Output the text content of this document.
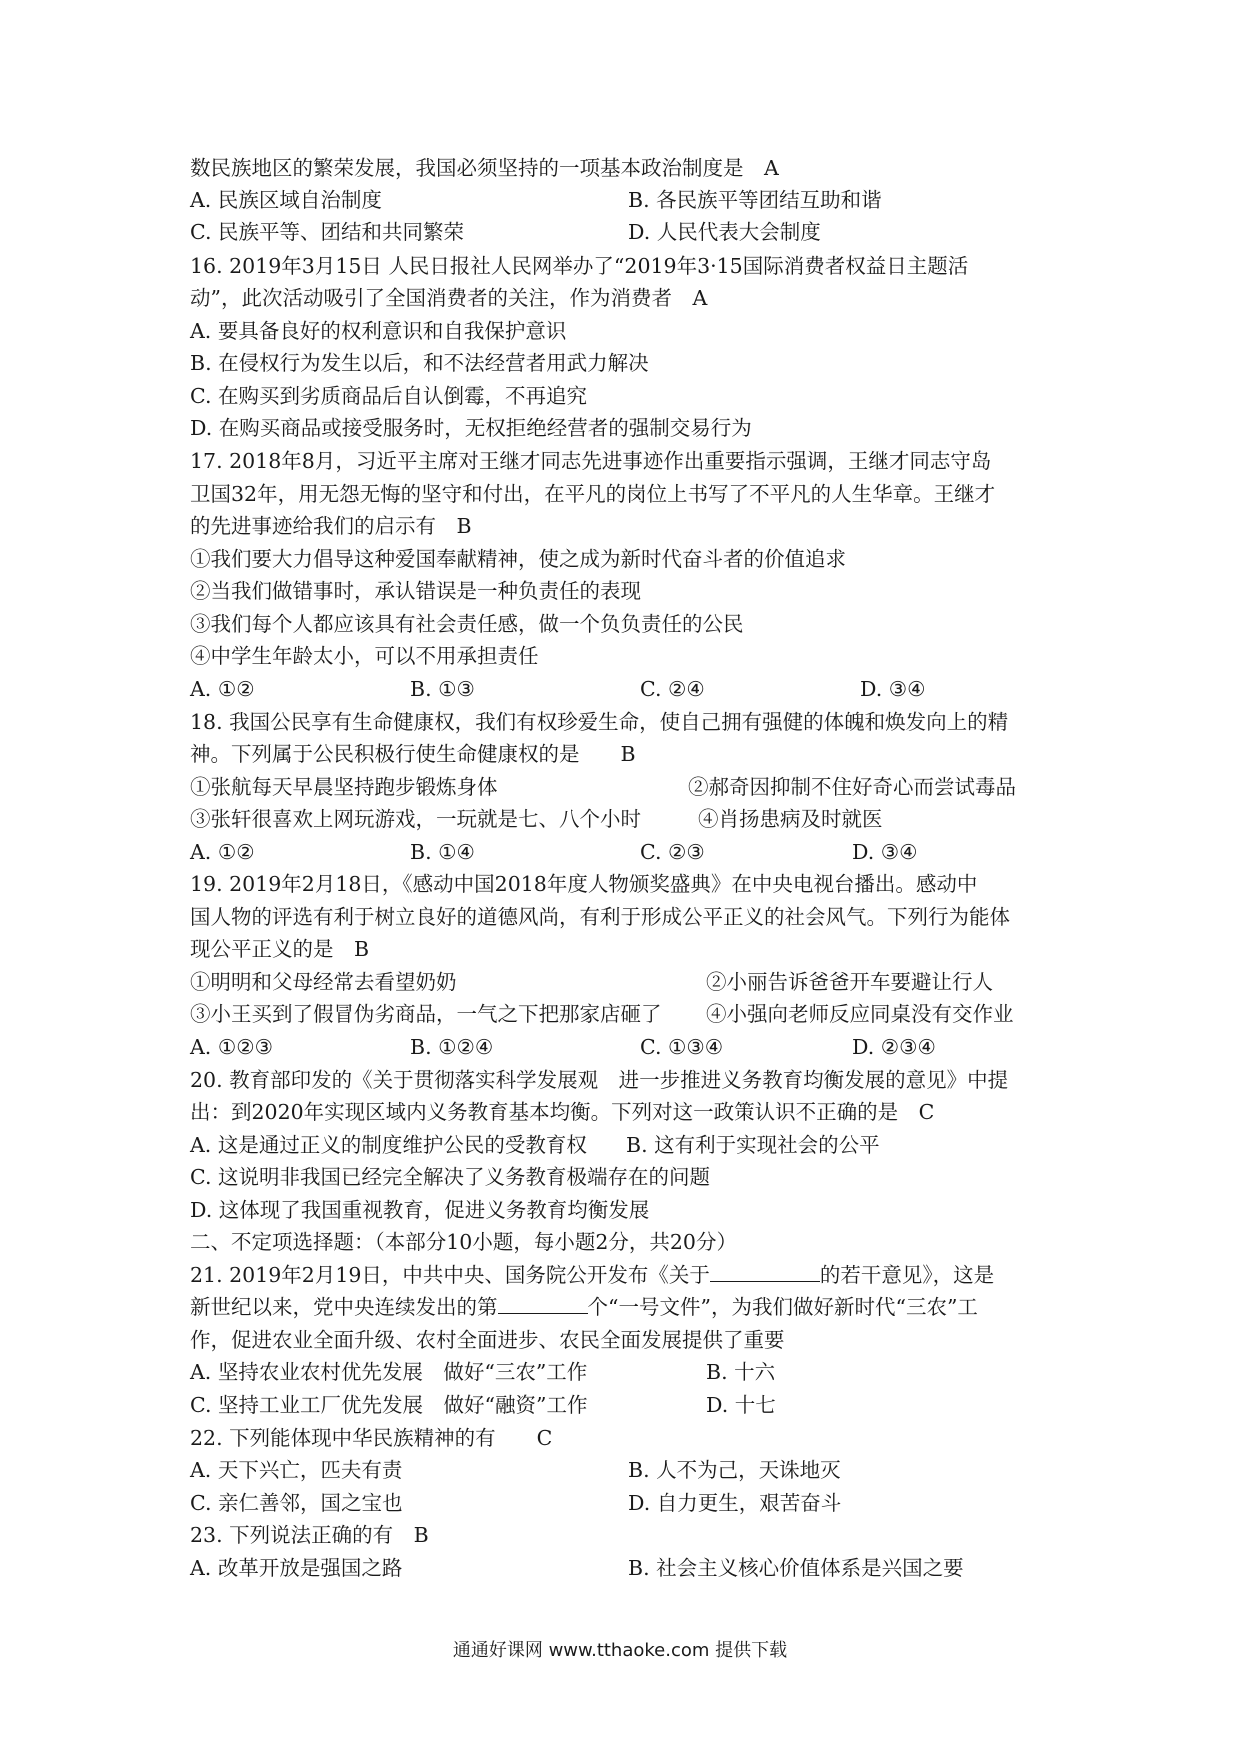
数民族地区的繁荣发展，我国必须坚持的一项基本政治制度是　A
A. 民族区域自治制度	B. 各民族平等团结互助和谐
C. 民族平等、团结和共同繁荣	D. 人民代表大会制度
16. 2019年3月15日 人民日报社人民网举办了“2019年3·15国际消费者权益日主题活
动”，此次活动吸引了全国消费者的关注，作为消费者　A
A. 要具备良好的权利意识和自我保护意识
B. 在侵权行为发生以后，和不法经营者用武力解决
C. 在购买到劣质商品后自认倒霉，不再追究
D. 在购买商品或接受服务时，无权拒绝经营者的强制交易行为
17. 2018年8月，习近平主席对王继才同志先进事迹作出重要指示强调，王继才同志守岛
卫国32年，用无怨无悔的坚守和付出，在平凡的岗位上书写了不平凡的人生华章。王继才
的先进事迹给我们的启示有　B
①我们要大力倡导这种爱国奉献精神，使之成为新时代奋斗者的价值追求
②当我们做错事时，承认错误是一种负责任的表现
③我们每个人都应该具有社会责任感，做一个负负责任的公民
④中学生年龄太小，可以不用承担责任
A. ①②	B. ①③	C. ②④	D. ③④
18. 我国公民享有生命健康权，我们有权珍爱生命，使自己拥有强健的体魄和焕发向上的精
神。下列属于公民积极行使生命健康权的是　　B
①张航每天早晨坚持跑步锻炼身体	②郝奇因抑制不住好奇心而尝试毒品
③张轩很喜欢上网玩游戏，一玩就是七、八个小时	④肖扬患病及时就医
A. ①②	B. ①④	C. ②③	D. ③④
19. 2019年2月18日，《感动中国2018年度人物颁奖盛典》在中央电视台播出。感动中
国人物的评选有利于树立良好的道德风尚，有利于形成公平正义的社会风气。下列行为能体
现公平正义的是　B
①明明和父母经常去看望奶奶	②小丽告诉爸爸开车要避让行人
③小王买到了假冒伪劣商品，一气之下把那家店砸了 ④小强向老师反应同桌没有交作业
A. ①②③	B. ①②④	C. ①③④	D. ②③④
20. 教育部印发的《关于贯彻落实科学发展观　进一步推进义务教育均衡发展的意见》中提
出：到2020年实现区域内义务教育基本均衡。下列对这一政策认识不正确的是　C
A. 这是通过正义的制度维护公民的受教育权 B. 这有利于实现社会的公平
C. 这说明非我国已经完全解决了义务教育极端存在的问题
D. 这体现了我国重视教育，促进义务教育均衡发展
二、不定项选择题：（本部分10小题，每小题2分，共20分）
21. 2019年2月19日，中共中央、国务院公开发布《关于	的若干意见》，这是
新世纪以来，党中央连续发出的第	个“一号文件”，为我们做好新时代“三农”工
作，促进农业全面升级、农村全面进步、农民全面发展提供了重要
A. 坚持农业农村优先发展　做好“三农”工作	B. 十六
C. 坚持工业工厂优先发展　做好“融资”工作	D. 十七
22. 下列能体现中华民族精神的有　　C
A. 天下兴亡，匹夫有责	B. 人不为己，天诛地灭
C. 亲仁善邻，国之宝也	D. 自力更生，艰苦奋斗
23. 下列说法正确的有　B
A. 改革开放是强国之路	B. 社会主义核心价值体系是兴国之要
通通好课网 www.tthaoke.com 提供下载
